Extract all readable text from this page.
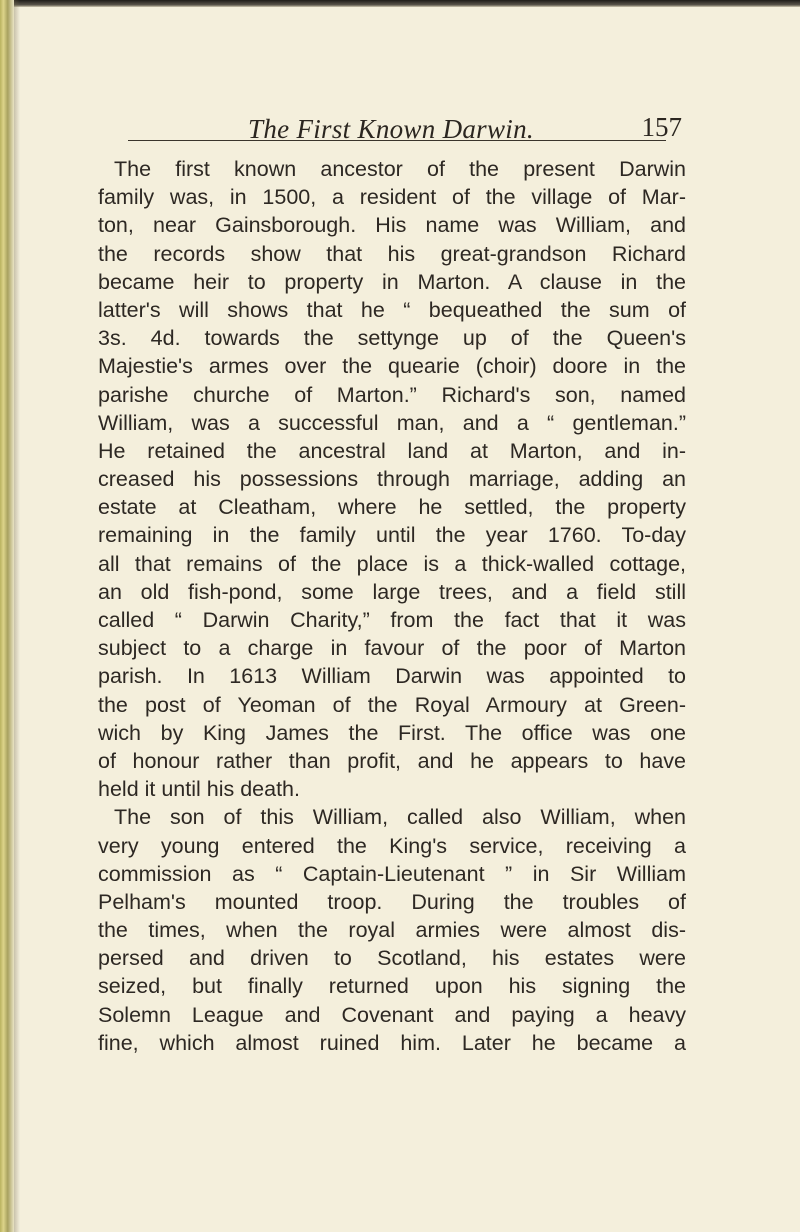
The First Known Darwin.	157
The first known ancestor of the present Darwin
family was, in 1500, a resident of the village of Mar-
ton, near Gainsborough. His name was William, and
the records show that his great-grandson Richard
became heir to property in Marton. A clause in the
latter's will shows that he “ bequeathed the sum of
3s. 4d. towards the settynge up of the Queen's
Majestie's armes over the quearie (choir) doore in the
parishe churche of Marton.” Richard's son, named
William, was a successful man, and a “ gentleman.”
He retained the ancestral land at Marton, and in-
creased his possessions through marriage, adding an
estate at Cleatham, where he settled, the property
remaining in the family until the year 1760. To-day
all that remains of the place is a thick-walled cottage,
an old fish-pond, some large trees, and a field still
called “ Darwin Charity,” from the fact that it was
subject to a charge in favour of the poor of Marton
parish. In 1613 William Darwin was appointed to
the post of Yeoman of the Royal Armoury at Green-
wich by King James the First. The office was one
of honour rather than profit, and he appears to have
held it until his death.
The son of this William, called also William, when
very young entered the King's service, receiving a
commission as “ Captain-Lieutenant ” in Sir William
Pelham's mounted troop. During the troubles of
the times, when the royal armies were almost dis-
persed and driven to Scotland, his estates were
seized, but finally returned upon his signing the
Solemn League and Covenant and paying a heavy
fine, which almost ruined him. Later he became a
